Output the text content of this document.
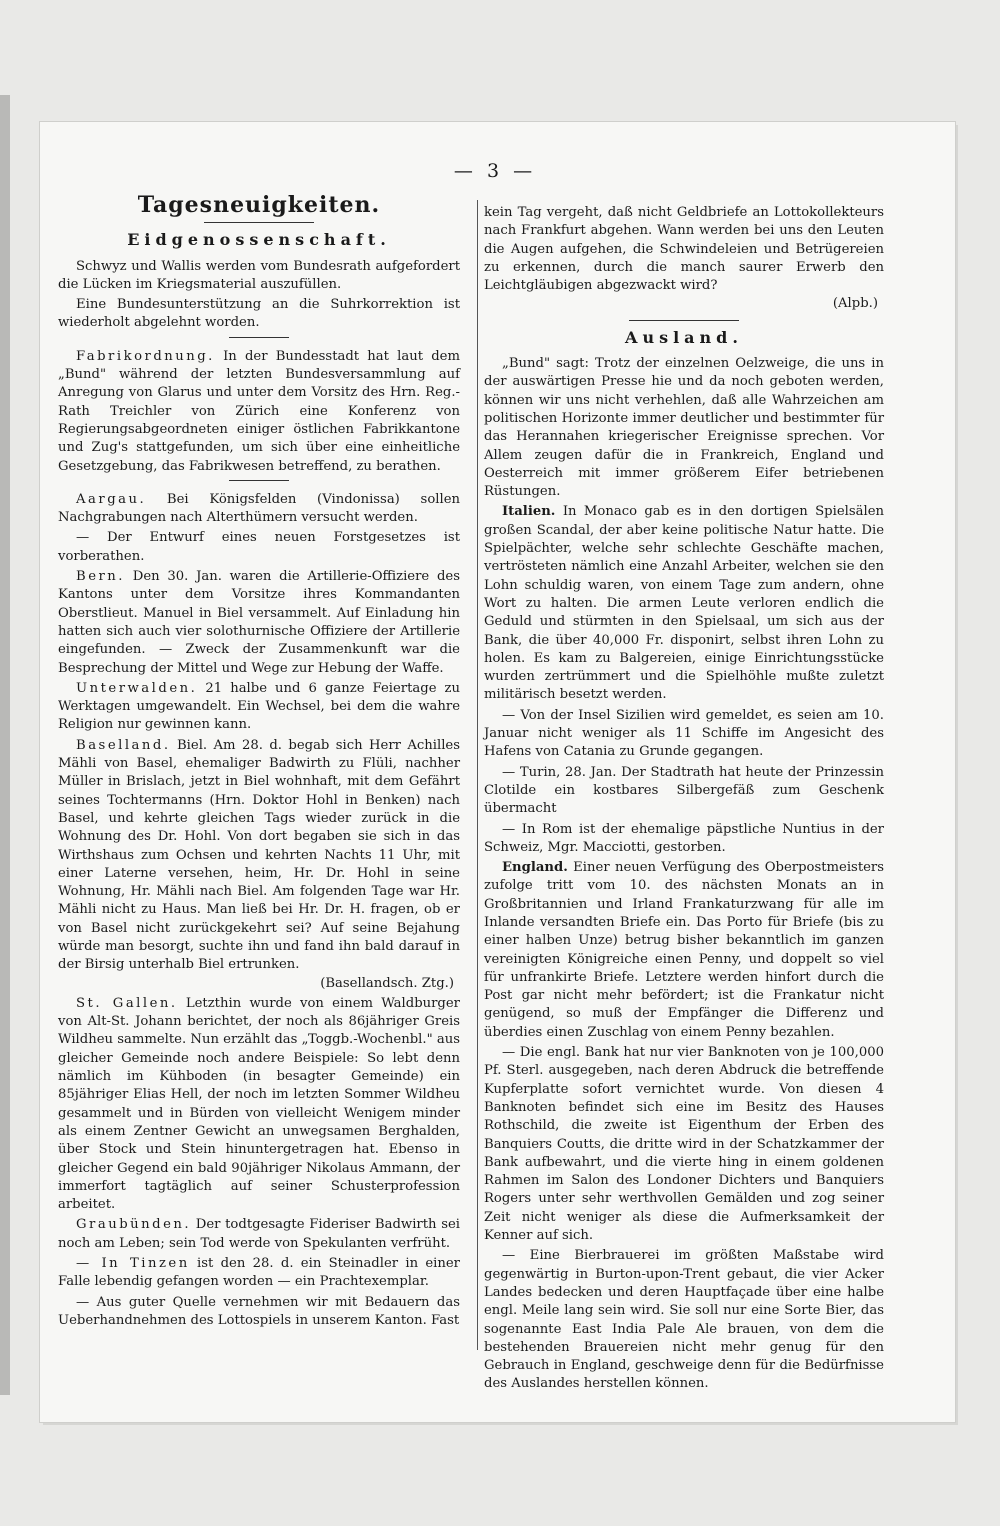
— 3 —
Tagesneuigkeiten.
Eidgenossenschaft.

Schwyz und Wallis werden vom Bundesrath aufgefordert die Lücken im Kriegsmaterial auszufüllen.

Eine Bundesunterstützung an die Suhrkorrektion ist wiederholt abgelehnt worden.

Fabrikordnung. In der Bundesstadt hat laut dem „Bund" während der letzten Bundesversammlung auf Anregung von Glarus und unter dem Vorsitz des Hrn. Reg.-Rath Treichler von Zürich eine Konferenz von Regierungsabgeordneten einiger östlichen Fabrikkantone und Zug's stattgefunden, um sich über eine einheitliche Gesetzgebung, das Fabrikwesen betreffend, zu berathen.

Aargau. Bei Königsfelden (Vindonissa) sollen Nachgrabungen nach Alterthümern versucht werden.

— Der Entwurf eines neuen Forstgesetzes ist vorberathen.

Bern. Den 30. Jan. waren die Artillerie-Offiziere des Kantons unter dem Vorsitze ihres Kommandanten Oberstlieut. Manuel in Biel versammelt. Auf Einladung hin hatten sich auch vier solothurnische Offiziere der Artillerie eingefunden. — Zweck der Zusammenkunft war die Besprechung der Mittel und Wege zur Hebung der Waffe.

Unterwalden. 21 halbe und 6 ganze Feiertage zu Werktagen umgewandelt. Ein Wechsel, bei dem die wahre Religion nur gewinnen kann.

Baselland. Biel. Am 28. d. begab sich Herr Achilles Mähli von Basel, ehemaliger Badwirth zu Flüli, nachher Müller in Brislach, jetzt in Biel wohnhaft, mit dem Gefährt seines Tochtermanns (Hrn. Doktor Hohl in Benken) nach Basel, und kehrte gleichen Tags wieder zurück in die Wohnung des Dr. Hohl. Von dort begaben sie sich in das Wirthshaus zum Ochsen und kehrten Nachts 11 Uhr, mit einer Laterne versehen, heim, Hr. Dr. Hohl in seine Wohnung, Hr. Mähli nach Biel. Am folgenden Tage war Hr. Mähli nicht zu Haus. Man ließ bei Hr. Dr. H. fragen, ob er von Basel nicht zurückgekehrt sei? Auf seine Bejahung würde man besorgt, suchte ihn und fand ihn bald darauf in der Birsig unterhalb Biel ertrunken.
(Basellandsch. Ztg.)

St. Gallen. Letzthin wurde von einem Waldburger von Alt-St. Johann berichtet, der noch als 86jähriger Greis Wildheu sammelte. Nun erzählt das „Toggb.-Wochenbl." aus gleicher Gemeinde noch andere Beispiele: So lebt denn nämlich im Kühboden (in besagter Gemeinde) ein 85jähriger Elias Hell, der noch im letzten Sommer Wildheu gesammelt und in Bürden von vielleicht Wenigem minder als einem Zentner Gewicht an unwegsamen Berghalden, über Stock und Stein hinuntergetragen hat. Ebenso in gleicher Gegend ein bald 90jähriger Nikolaus Ammann, der immerfort tagtäglich auf seiner Schusterprofession arbeitet.

Graubünden. Der todtgesagte Fideriser Badwirth sei noch am Leben; sein Tod werde von Spekulanten verfrüht.

— In Tinzen ist den 28. d. ein Steinadler in einer Falle lebendig gefangen worden — ein Prachtexemplar.

— Aus guter Quelle vernehmen wir mit Bedauern das Ueberhandnehmen des Lottospiels in unserem Kanton. Fast

kein Tag vergeht, daß nicht Geldbriefe an Lottokollekteurs nach Frankfurt abgehen. Wann werden bei uns den Leuten die Augen aufgehen, die Schwindeleien und Betrügereien zu erkennen, durch die manch saurer Erwerb den Leichtgläubigen abgezwackt wird?
(Alpb.)

Ausland.

„Bund" sagt: Trotz der einzelnen Oelzweige, die uns in der auswärtigen Presse hie und da noch geboten werden, können wir uns nicht verhehlen, daß alle Wahrzeichen am politischen Horizonte immer deutlicher und bestimmter für das Herannahen kriegerischer Ereignisse sprechen. Vor Allem zeugen dafür die in Frankreich, England und Oesterreich mit immer größerem Eifer betriebenen Rüstungen.

Italien. In Monaco gab es in den dortigen Spielsälen großen Scandal, der aber keine politische Natur hatte. Die Spielpächter, welche sehr schlechte Geschäfte machen, vertrösteten nämlich eine Anzahl Arbeiter, welchen sie den Lohn schuldig waren, von einem Tage zum andern, ohne Wort zu halten. Die armen Leute verloren endlich die Geduld und stürmten in den Spielsaal, um sich aus der Bank, die über 40,000 Fr. disponirt, selbst ihren Lohn zu holen. Es kam zu Balgereien, einige Einrichtungsstücke wurden zertrümmert und die Spielhöhle mußte zuletzt militärisch besetzt werden.

— Von der Insel Sizilien wird gemeldet, es seien am 10. Januar nicht weniger als 11 Schiffe im Angesicht des Hafens von Catania zu Grunde gegangen.

— Turin, 28. Jan. Der Stadtrath hat heute der Prinzessin Clotilde ein kostbares Silbergefäß zum Geschenk übermacht

— In Rom ist der ehemalige päpstliche Nuntius in der Schweiz, Mgr. Macciotti, gestorben.

England. Einer neuen Verfügung des Oberpostmeisters zufolge tritt vom 10. des nächsten Monats an in Großbritannien und Irland Frankaturzwang für alle im Inlande versandten Briefe ein. Das Porto für Briefe (bis zu einer halben Unze) betrug bisher bekanntlich im ganzen vereinigten Königreiche einen Penny, und doppelt so viel für unfrankirte Briefe. Letztere werden hinfort durch die Post gar nicht mehr befördert; ist die Frankatur nicht genügend, so muß der Empfänger die Differenz und überdies einen Zuschlag von einem Penny bezahlen.

— Die engl. Bank hat nur vier Banknoten von je 100,000 Pf. Sterl. ausgegeben, nach deren Abdruck die betreffende Kupferplatte sofort vernichtet wurde. Von diesen 4 Banknoten befindet sich eine im Besitz des Hauses Rothschild, die zweite ist Eigenthum der Erben des Banquiers Coutts, die dritte wird in der Schatzkammer der Bank aufbewahrt, und die vierte hing in einem goldenen Rahmen im Salon des Londoner Dichters und Banquiers Rogers unter sehr werthvollen Gemälden und zog seiner Zeit nicht weniger als diese die Aufmerksamkeit der Kenner auf sich.

— Eine Bierbrauerei im größten Maßstabe wird gegenwärtig in Burton-upon-Trent gebaut, die vier Acker Landes bedecken und deren Hauptfaçade über eine halbe engl. Meile lang sein wird. Sie soll nur eine Sorte Bier, das sogenannte East India Pale Ale brauen, von dem die bestehenden Brauereien nicht mehr genug für den Gebrauch in England, geschweige denn für die Bedürfnisse des Auslandes herstellen können.
